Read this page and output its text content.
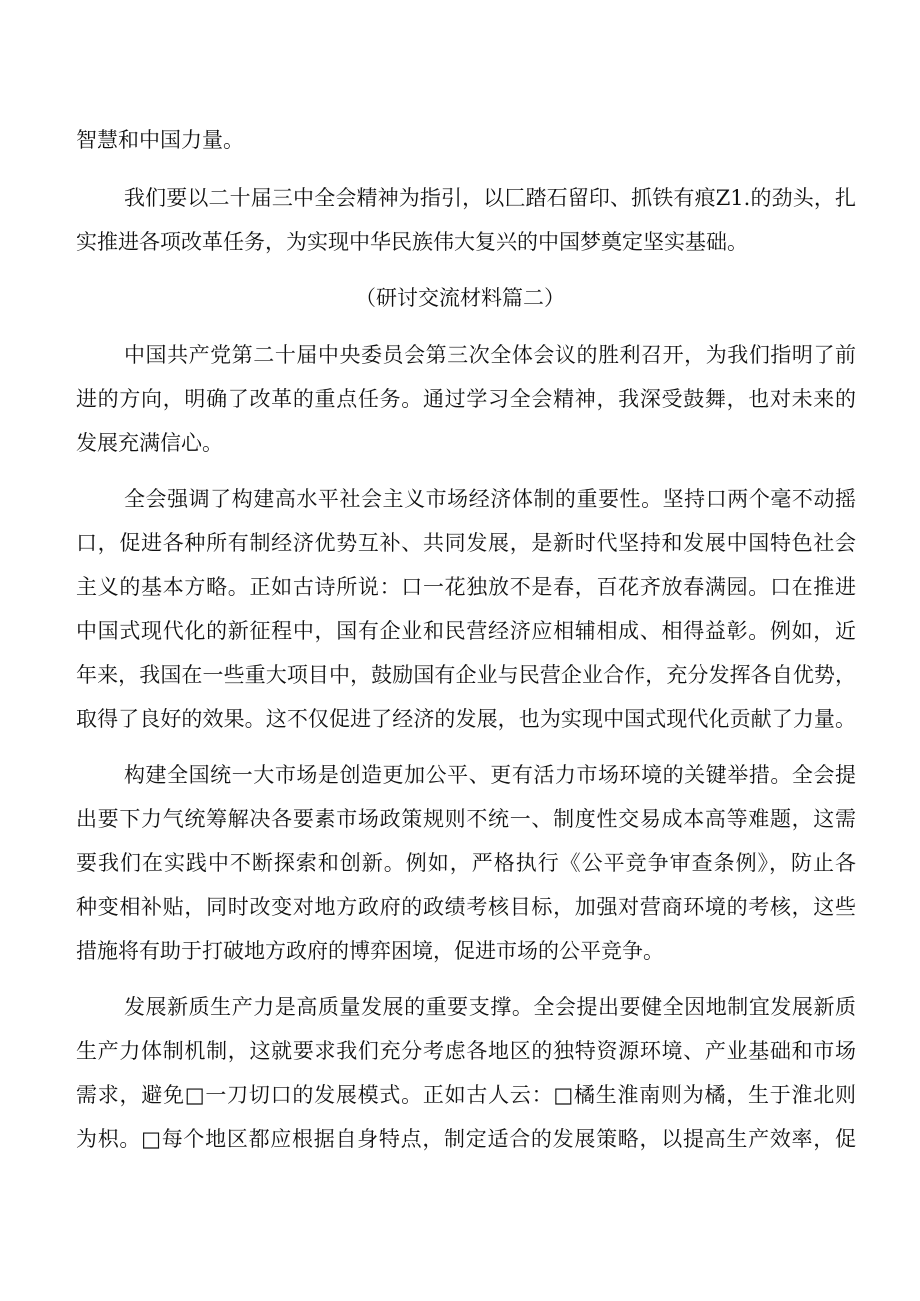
智慧和中国力量。
我们要以二十届三中全会精神为指引，以匚踏石留印、抓铁有痕Z1.的劲头，扎
实推进各项改革任务，为实现中华民族伟大复兴的中国梦奠定坚实基础。
（研讨交流材料篇二）
中国共产党第二十届中央委员会第三次全体会议的胜利召开，为我们指明了前
进的方向，明确了改革的重点任务。通过学习全会精神，我深受鼓舞，也对未来的
发展充满信心。
全会强调了构建高水平社会主义市场经济体制的重要性。坚持口两个毫不动摇
口，促进各种所有制经济优势互补、共同发展，是新时代坚持和发展中国特色社会
主义的基本方略。正如古诗所说：口一花独放不是春，百花齐放春满园。口在推进
中国式现代化的新征程中，国有企业和民营经济应相辅相成、相得益彰。例如，近
年来，我国在一些重大项目中，鼓励国有企业与民营企业合作，充分发挥各自优势，
取得了良好的效果。这不仅促进了经济的发展，也为实现中国式现代化贡献了力量。
构建全国统一大市场是创造更加公平、更有活力市场环境的关键举措。全会提
出要下力气统筹解决各要素市场政策规则不统一、制度性交易成本高等难题，这需
要我们在实践中不断探索和创新。例如，严格执行《公平竞争审查条例》，防止各
种变相补贴，同时改变对地方政府的政绩考核目标，加强对营商环境的考核，这些
措施将有助于打破地方政府的博弈困境，促进市场的公平竞争。
发展新质生产力是高质量发展的重要支撑。全会提出要健全因地制宜发展新质
生产力体制机制，这就要求我们充分考虑各地区的独特资源环境、产业基础和市场
需求，避免□一刀切口的发展模式。正如古人云：□橘生淮南则为橘，生于淮北则
为枳。□每个地区都应根据自身特点，制定适合的发展策略，以提高生产效率，促
